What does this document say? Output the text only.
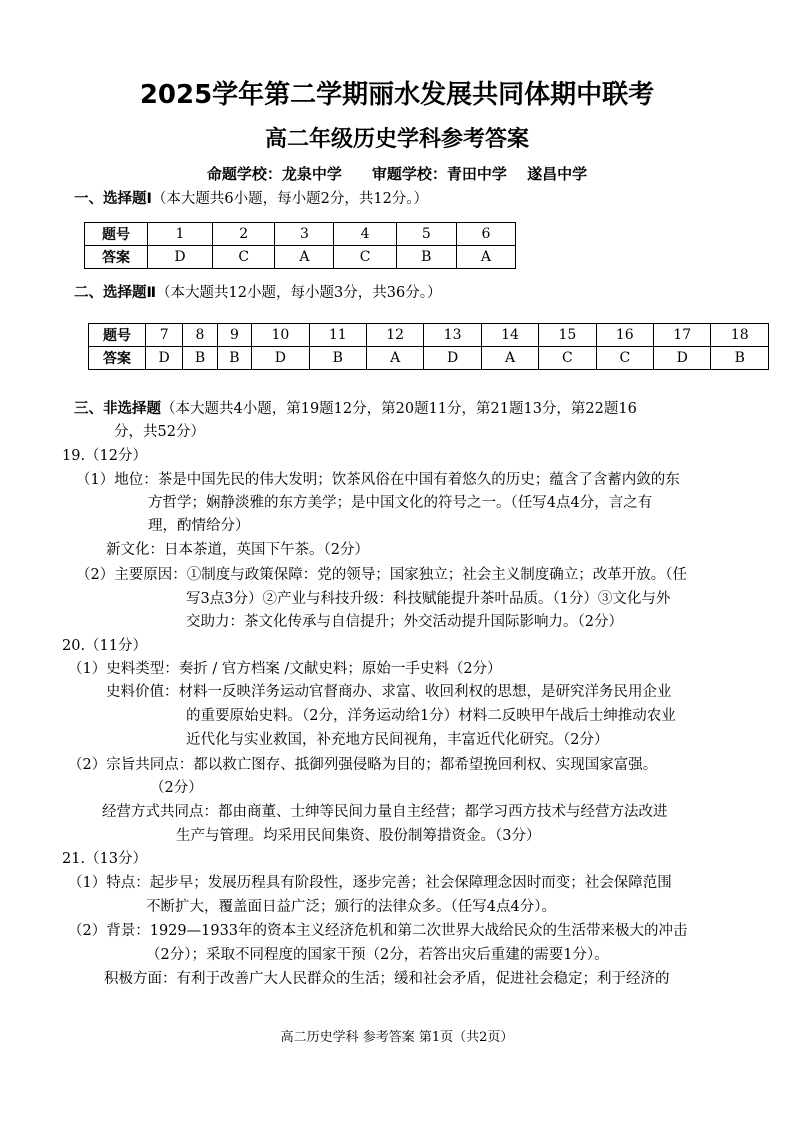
2025学年第二学期丽水发展共同体期中联考
高二年级历史学科参考答案
命题学校：龙泉中学　　审题学校：青田中学　 遂昌中学
一、选择题Ⅰ（本大题共6小题，每小题2分，共12分。）
题号	1	2	3	4	5	6
答案	D	C	A	C	B	A
二、选择题Ⅱ（本大题共12小题，每小题3分，共36分。）
题号	7	8	9	10	11	12	13	14	15	16	17	18
答案	D	B	B	D	B	A	D	A	C	C	D	B
三、非选择题（本大题共4小题，第19题12分，第20题11分，第21题13分，第22题16
分，共52分）
19.（12分）
（1）地位：茶是中国先民的伟大发明；饮茶风俗在中国有着悠久的历史；蕴含了含蓄内敛的东
方哲学；娴静淡雅的东方美学；是中国文化的符号之一。（任写4点4分，言之有
理，酌情给分）
新文化：日本茶道，英国下午茶。（2分）
（2）主要原因：①制度与政策保障：党的领导；国家独立；社会主义制度确立；改革开放。（任
写3点3分）②产业与科技升级：科技赋能提升茶叶品质。（1分）③文化与外
交助力：茶文化传承与自信提升；外交活动提升国际影响力。（2分）
20.（11分）
（1）史料类型：奏折 / 官方档案 /文献史料；原始一手史料（2分）
史料价值：材料一反映洋务运动官督商办、求富、收回利权的思想，是研究洋务民用企业
的重要原始史料。（2分，洋务运动给1分）材料二反映甲午战后士绅推动农业
近代化与实业救国，补充地方民间视角，丰富近代化研究。（2分）
（2）宗旨共同点：都以救亡图存、抵御列强侵略为目的；都希望挽回利权、实现国家富强。
（2分）
经营方式共同点：都由商董、士绅等民间力量自主经营；都学习西方技术与经营方法改进
生产与管理。均采用民间集资、股份制筹措资金。（3分）
21.（13分）
（1）特点：起步早；发展历程具有阶段性，逐步完善；社会保障理念因时而变；社会保障范围
不断扩大，覆盖面日益广泛；颁行的法律众多。（任写4点4分）。
（2）背景：1929—1933年的资本主义经济危机和第二次世界大战给民众的生活带来极大的冲击
（2分）；采取不同程度的国家干预（2分，若答出灾后重建的需要1分）。
积极方面：有利于改善广大人民群众的生活；缓和社会矛盾，促进社会稳定；利于经济的
高二历史学科 参考答案 第1页（共2页）
